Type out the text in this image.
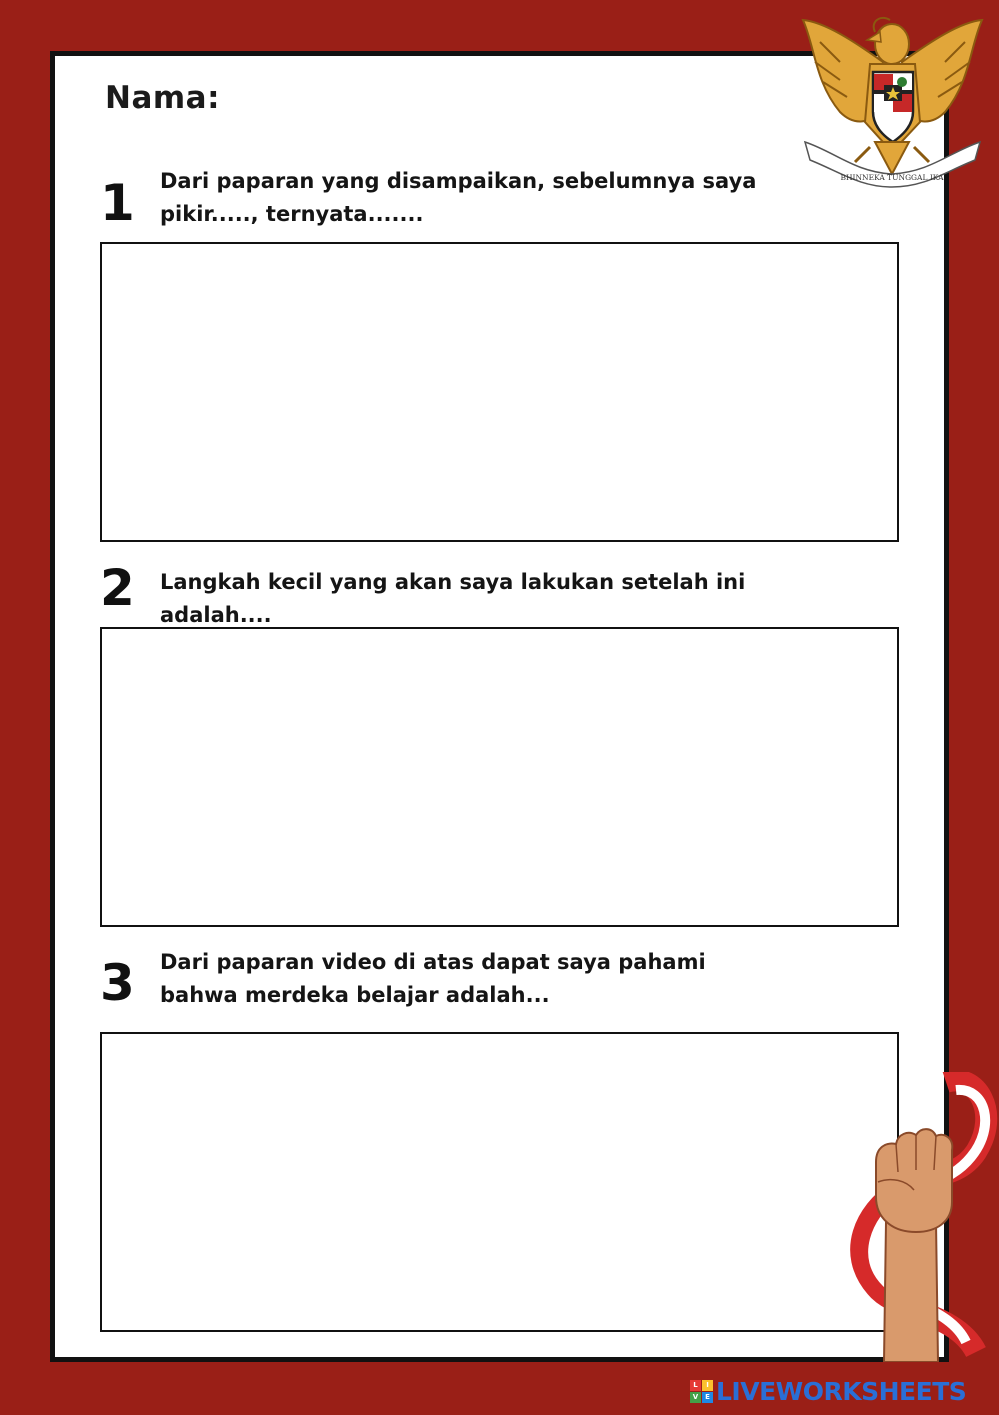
Nama:
1 Dari paparan yang disampaikan, sebelumnya saya
pikir....., ternyata.......
2 Langkah kecil yang akan saya lakukan setelah ini adalah....
3 Dari paparan video di atas dapat saya pahami
bahwa merdeka belajar adalah...
BHINNEKA TUNGGAL IKA
L	I
V E LIVEWORKSHEETS
